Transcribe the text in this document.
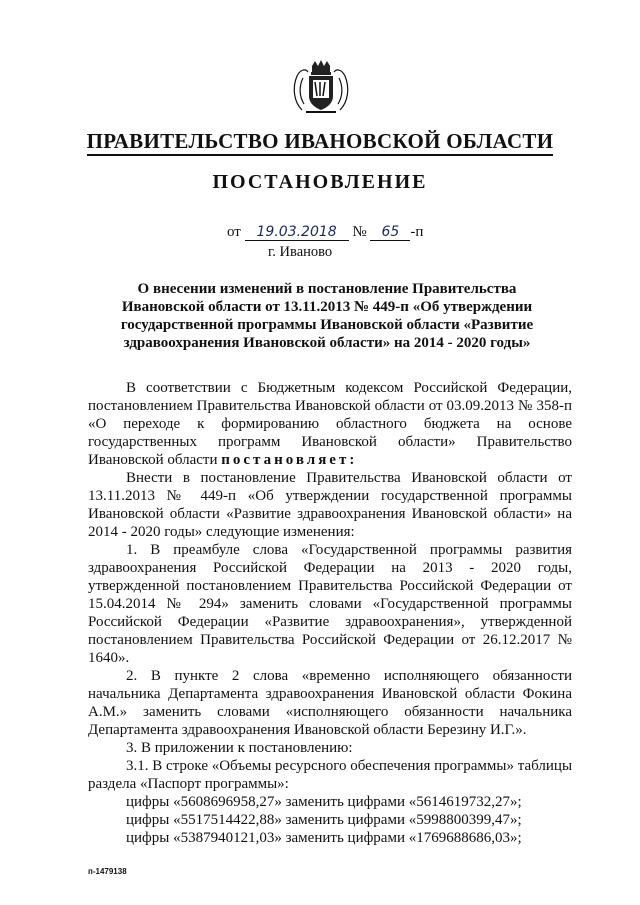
ПРАВИТЕЛЬСТВО ИВАНОВСКОЙ ОБЛАСТИ
ПОСТАНОВЛЕНИЕ
от 19.03.2018 № 65 -п
г. Иваново
О внесении изменений в постановление Правительства Ивановской области от 13.11.2013 № 449-п «Об утверждении государственной программы Ивановской области «Развитие здравоохранения Ивановской области» на 2014 - 2020 годы»

В соответствии с Бюджетным кодексом Российской Федерации, постановлением Правительства Ивановской области от 03.09.2013 № 358-п «О переходе к формированию областного бюджета на основе государственных программ Ивановской области» Правительство Ивановской области постановляет:

Внести в постановление Правительства Ивановской области от 13.11.2013 № 449-п «Об утверждении государственной программы Ивановской области «Развитие здравоохранения Ивановской области» на 2014 - 2020 годы» следующие изменения:

1. В преамбуле слова «Государственной программы развития здравоохранения Российской Федерации на 2013 - 2020 годы, утвержденной постановлением Правительства Российской Федерации от 15.04.2014 № 294» заменить словами «Государственной программы Российской Федерации «Развитие здравоохранения», утвержденной постановлением Правительства Российской Федерации от 26.12.2017 № 1640».

2. В пункте 2 слова «временно исполняющего обязанности начальника Департамента здравоохранения Ивановской области Фокина А.М.» заменить словами «исполняющего обязанности начальника Департамента здравоохранения Ивановской области Березину И.Г.».

3. В приложении к постановлению:

3.1. В строке «Объемы ресурсного обеспечения программы» таблицы раздела «Паспорт программы»:

цифры «5608696958,27» заменить цифрами «5614619732,27»;

цифры «5517514422,88» заменить цифрами «5998800399,47»;

цифры «5387940121,03» заменить цифрами «1769688686,03»;

п-1479138
